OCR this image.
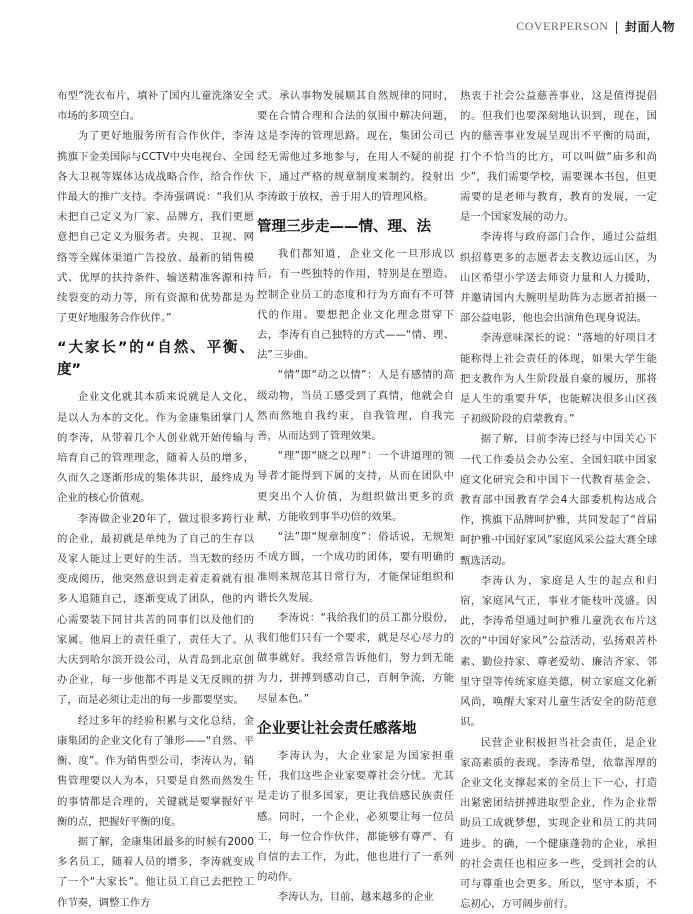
COVERPERSON | 封面人物

布型”洗衣布片，填补了国内儿童洗涤安全市场的多项空白。

为了更好地服务所有合作伙伴，李涛携旗下金美国际与CCTV中央电视台、全国各大卫视等媒体达成战略合作，给合作伙伴最大的推广支持。李涛强调说：“我们从未把自己定义为厂家、品牌方，我们更愿意把自己定义为服务者。央视、卫视、网络等全媒体渠道广告投放、最新的销售模式、优厚的扶持条件、输送精准客源和持续裂变的动力等，所有资源和优势都是为了更好地服务合作伙伴。”

“大家长”的“自然、平衡、度”

企业文化就其本质来说就是人文化，是以人为本的文化。作为金康集团掌门人的李涛，从带着几个人创业就开始传输与培育自己的管理理念，随着人员的增多，久而久之逐渐形成的集体共识，最终成为企业的核心价值观。

李涛做企业20年了，做过很多跨行业的企业，最初就是单纯为了自己的生存以及家人能过上更好的生活。当无数的经历变成阅历，他突然意识到走着走着就有很多人追随自己，逐渐变成了团队，他的内心需要装下同甘共苦的同事们以及他们的家属。他肩上的责任重了，责任大了。从大庆到哈尔滨开设公司，从青岛到北京创办企业，每一步他都不再是义无反顾的拼了，而是必须让走出的每一步都要坚实。

经过多年的经验积累与文化总结，金康集团的企业文化有了雏形——“自然、平衡、度”。作为销售型公司，李涛认为，销售管理要以人为本，只要是自然而然发生的事情都是合理的，关键就是要掌握好平衡的点，把握好平衡的度。

据了解，金康集团最多的时候有2000多名员工，随着人员的增多，李涛就变成了一个“大家长”。他让员工自己去把控工作节奏，调整工作方

式。承认事物发展顺其自然规律的同时，要在合情合理和合法的氛围中解决问题，这是李涛的管理思路。现在，集团公司已经无需他过多地参与，在用人不疑的前提下，通过严格的规章制度来制约。投射出李涛敢于放权，善于用人的管理风格。

管理三步走——情、理、法

我们都知道，企业文化一旦形成以后，有一些独特的作用，特别是在塑造、控制企业员工的态度和行为方面有不可替代的作用。要想把企业文化理念贯穿下去，李涛有自己独特的方式——“情、理、法”三步曲。

“情”即“动之以情”：人是有感情的高级动物，当员工感受到了真情，他就会自然而然地自我约束，自我管理，自我完善，从而达到了管理效果。

“理”即“晓之以理”：一个讲道理的领导者才能得到下属的支持，从而在团队中更突出个人价值，为组织做出更多的贡献，方能收到事半功倍的效果。

“法”即“规章制度”：俗话说，无规矩不成方圆，一个成功的团体，要有明确的准则来规范其日常行为，才能保证组织和谐长久发展。

李涛说：“我给我们的员工都分股份，我们他们只有一个要求，就是尽心尽力的做事就好。我经常告诉他们，努力到无能为力，拼搏到感动自己，百舸争流，方能尽显本色。”

企业要让社会责任感落地

李涛认为，大企业家是为国家担重任，我们这些企业家要尊社会分忧。尤其是走访了很多国家，更让我倍感民族责任感。同时，一个企业，必须要让每一位员工，每一位合作伙伴，都能够有尊严、有自信的去工作，为此，他也进行了一系列的动作。

李涛认为，目前，越来越多的企业

热衷于社会公益慈善事业，这是值得提倡的。但我们也要深刻地认识到，现在，国内的慈善事业发展呈现出不平衡的局面，打个不恰当的比方，可以叫做“庙多和尚少”，我们需要学校，需要课本书包，但更需要的是老师与教育，教育的发展，一定是一个国家发展的动力。

李涛将与政府部门合作，通过公益组织招募更多的志愿者去支教边远山区，为山区希望小学送去师资力量和人力援助，并邀请国内大腕明星助阵为志愿者拍摄一部公益电影，他也会出演角色现身说法。

李涛意味深长的说：“落地的好项目才能称得上社会责任的体现，如果大学生能把支教作为人生阶段最自豪的履历，那将是人生的重要升华，也能解决很多山区孩子初级阶段的启蒙教育。”

据了解，目前李涛已经与中国关心下一代工作委员会办公室、全国妇联中国家庭文化研究会和中国下一代教育基金会、教育部中国教育学会4大部委机构达成合作，携旗下品牌呵护雅，共同发起了“首届呵护雅·中国好家风”家庭风采公益大赛全球甄选活动。

李涛认为，家庭是人生的起点和归宿，家庭风气正，事业才能枝叶茂盛。因此，李涛希望通过呵护雅儿童洗衣布片这次的“中国好家风”公益活动，弘扬艰苦朴素、勤俭持家、尊老爱幼、廉洁齐家、邻里守望等传统家庭美德，树立家庭文化新风尚，唤醒大家对儿童生活安全的防范意识。

民营企业积极担当社会责任，是企业家高素质的表现。李涛希望，依靠浑厚的企业文化支撑起来的全员上下一心，打造出紧密团结拼搏进取型企业，作为企业帮助员工成就梦想，实现企业和员工的共同进步。的确，一个健康蓬勃的企业，承担的社会责任也相应多一些，受到社会的认可与尊重也会更多。所以，坚守本质，不忘初心，方可阔步前行。
